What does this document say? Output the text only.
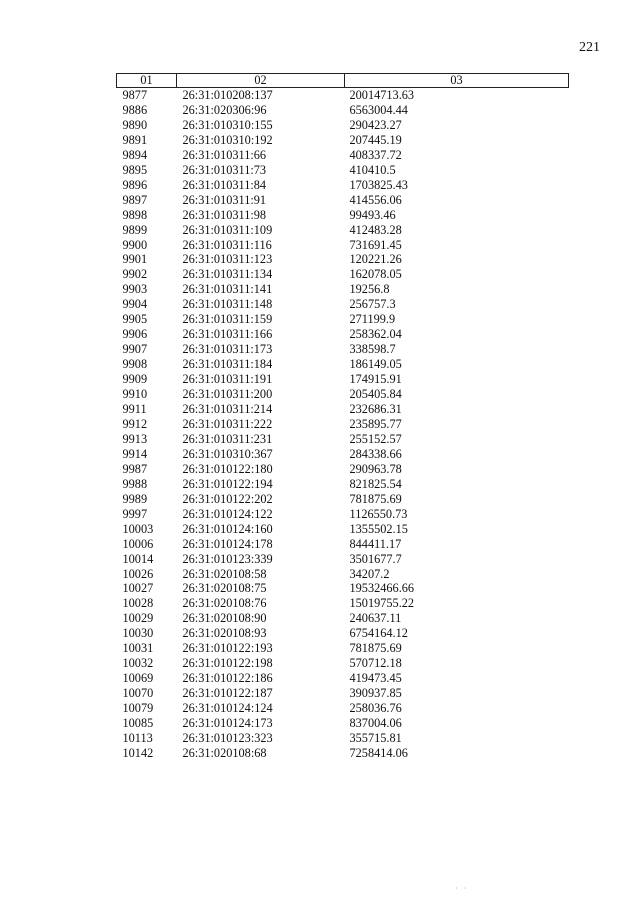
221
01	02	03
9877	26:31:010208:137	20014713.63
9886	26:31:020306:96	6563004.44
9890	26:31:010310:155	290423.27
9891	26:31:010310:192	207445.19
9894	26:31:010311:66	408337.72
9895	26:31:010311:73	410410.5
9896	26:31:010311:84	1703825.43
9897	26:31:010311:91	414556.06
9898	26:31:010311:98	99493.46
9899	26:31:010311:109	412483.28
9900	26:31:010311:116	731691.45
9901	26:31:010311:123	120221.26
9902	26:31:010311:134	162078.05
9903	26:31:010311:141	19256.8
9904	26:31:010311:148	256757.3
9905	26:31:010311:159	271199.9
9906	26:31:010311:166	258362.04
9907	26:31:010311:173	338598.7
9908	26:31:010311:184	186149.05
9909	26:31:010311:191	174915.91
9910	26:31:010311:200	205405.84
9911	26:31:010311:214	232686.31
9912	26:31:010311:222	235895.77
9913	26:31:010311:231	255152.57
9914	26:31:010310:367	284338.66
9987	26:31:010122:180	290963.78
9988	26:31:010122:194	821825.54
9989	26:31:010122:202	781875.69
9997	26:31:010124:122	1126550.73
10003	26:31:010124:160	1355502.15
10006	26:31:010124:178	844411.17
10014	26:31:010123:339	3501677.7
10026	26:31:020108:58	34207.2
10027	26:31:020108:75	19532466.66
10028	26:31:020108:76	15019755.22
10029	26:31:020108:90	240637.11
10030	26:31:020108:93	6754164.12
10031	26:31:010122:193	781875.69
10032	26:31:010122:198	570712.18
10069	26:31:010122:186	419473.45
10070	26:31:010122:187	390937.85
10079	26:31:010124:124	258036.76
10085	26:31:010124:173	837004.06
10113	26:31:010123:323	355715.81
10142	26:31:020108:68	7258414.06
·   ·
